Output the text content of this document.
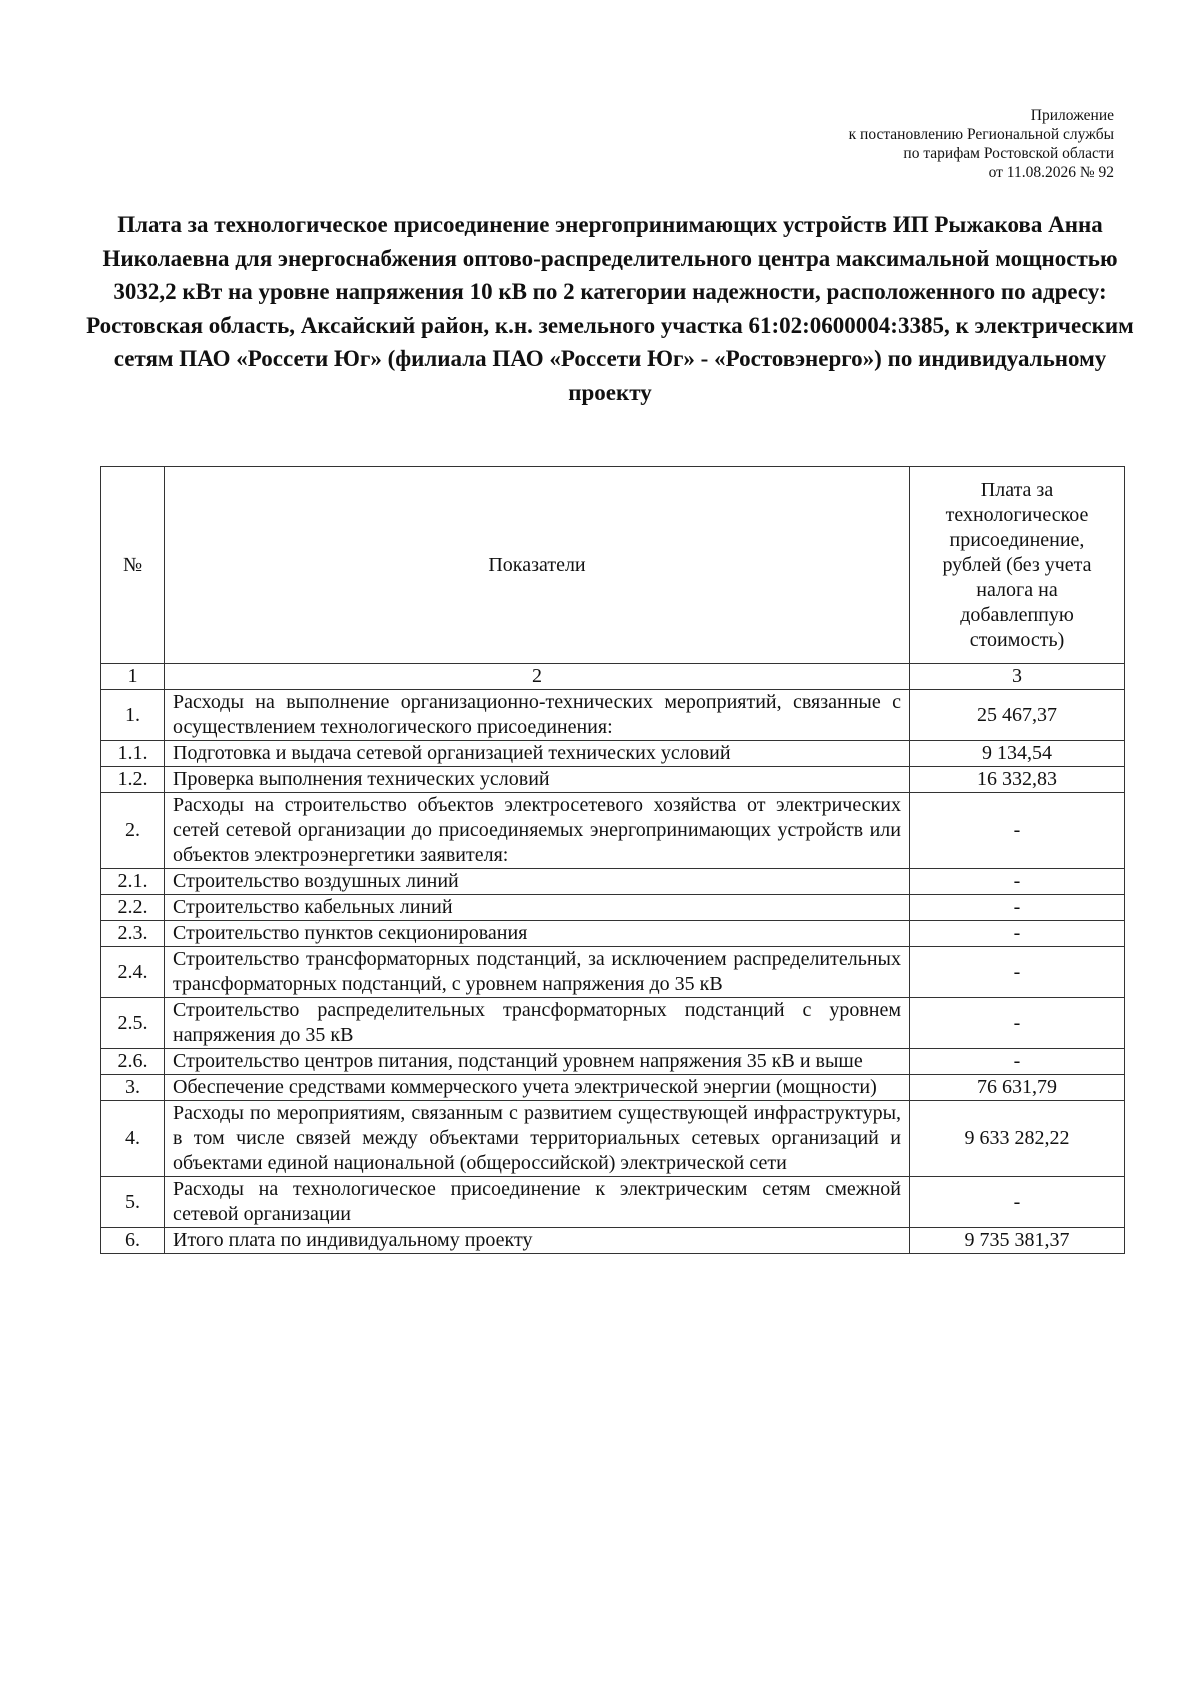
Приложение
к постановлению Региональной службы
по тарифам Ростовской области
от 11.08.2026 № 92
Плата за технологическое присоединение энергопринимающих устройств ИП Рыжакова Анна Николаевна для энергоснабжения оптово-распределительного центра максимальной мощностью 3032,2 кВт на уровне напряжения 10 кВ по 2 категории надежности, расположенного по адресу: Ростовская область, Аксайский район, к.н. земельного участка 61:02:0600004:3385, к электрическим сетям ПАО «Россети Юг» (филиала ПАО «Россети Юг» - «Ростовэнерго») по индивидуальному проекту
№	Показатели	Плата за технологическое присоединение, рублей (без учета налога на добавлеппую стоимость)
1	2	3
1.	Расходы на выполнение организационно-технических мероприятий, связанные с осуществлением технологического присоединения:	25 467,37
1.1.	Подготовка и выдача сетевой организацией технических условий	9 134,54
1.2.	Проверка выполнения технических условий	16 332,83
2.	Расходы на строительство объектов электросетевого хозяйства от электрических сетей сетевой организации до присоединяемых энергопринимающих устройств или объектов электроэнергетики заявителя:	-
2.1.	Строительство воздушных линий	-
2.2.	Строительство кабельных линий	-
2.3.	Строительство пунктов секционирования	-
2.4.	Строительство трансформаторных подстанций, за исключением распределительных трансформаторных подстанций, с уровнем напряжения до 35 кВ	-
2.5.	Строительство распределительных трансформаторных подстанций с уровнем напряжения до 35 кВ	-
2.6.	Строительство центров питания, подстанций уровнем напряжения 35 кВ и выше	-
3.	Обеспечение средствами коммерческого учета электрической энергии (мощности)	76 631,79
4.	Расходы по мероприятиям, связанным с развитием существующей инфраструктуры, в том числе связей между объектами территориальных сетевых организаций и объектами единой национальной (общероссийской) электрической сети	9 633 282,22
5.	Расходы на технологическое присоединение к электрическим сетям смежной сетевой организации	-
6.	Итого плата по индивидуальному проекту	9 735 381,37
